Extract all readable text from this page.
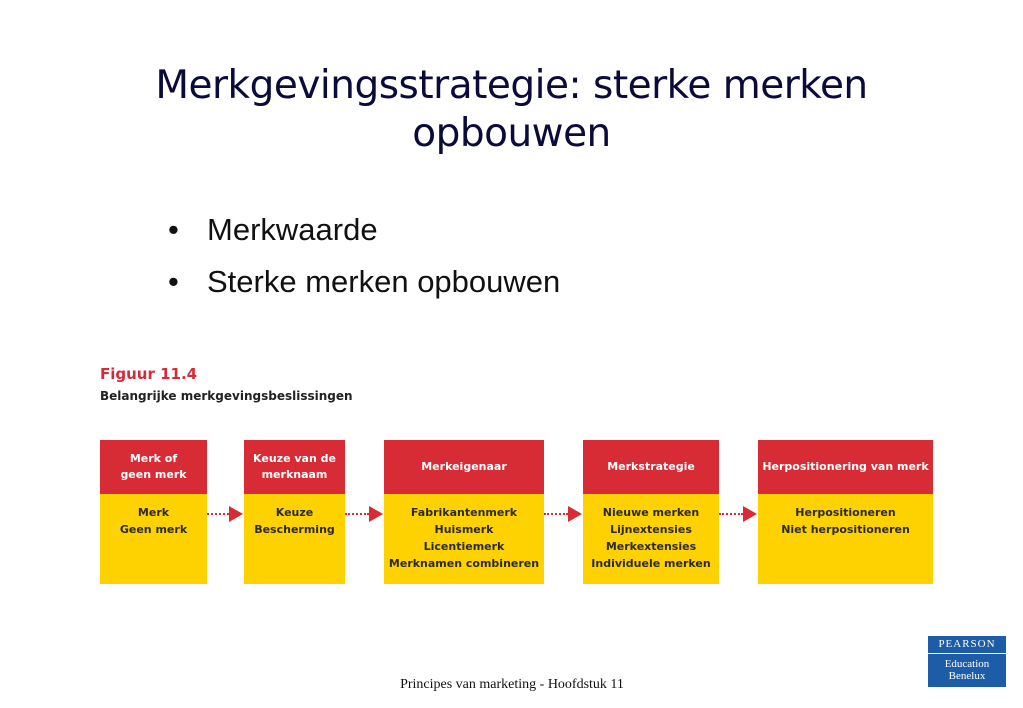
Merkgevingsstrategie: sterke merken
opbouwen
• Merkwaarde
• Sterke merken opbouwen
Figuur 11.4
Belangrijke merkgevingsbeslissingen
Merk of
geen merk
Merk
Geen merk
Keuze van de
merknaam
Keuze
Bescherming
Merkeigenaar
Fabrikantenmerk
Huismerk
Licentiemerk
Merknamen combineren
Merkstrategie
Nieuwe merken
Lijnextensies
Merkextensies
Individuele merken
Herpositionering van merk
Herpositioneren
Niet herpositioneren
PEARSON
Education
Benelux
Principes van marketing - Hoofdstuk 11
